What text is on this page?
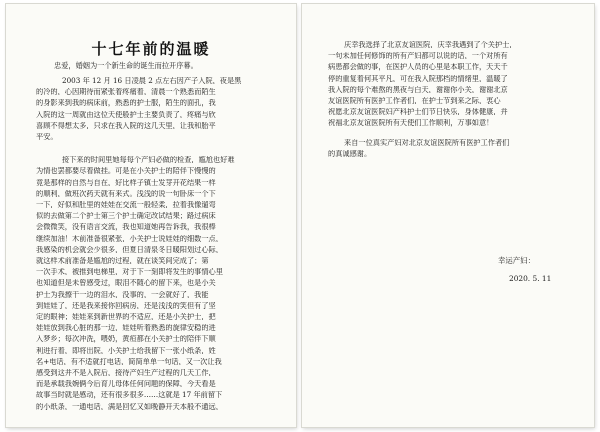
十七年前的温暖
忠爱，婚姻为一个新生命的诞生而拉开序幕。
2003 年 12 月 16 日凌晨 2 点左右因产子入院，夜是黑
的冷的，心因期待而紧张着疼痛着，清晨一个熟悉而陌生
的身影来到我的病床前，熟悉的护士服，陌生的面孔，我
入院的这一周就由这位天使般护士主要负责了，疼痛与欣
喜顾不得想太多，只求在我入院的这几天里，让我和胎平
平安。
接下来的时间里她每每个产妇必做的检查，尴尬也好难
为情也罢都要尽着做挂。可是在小关护士的陪伴下慢慢的
竟是那样的自然与自在，好比样子镇士发芽开花结果一样
的顺利，做班次药天就有来式。浅浅的说一句卧床一个下
一下，好似和肚里的娃娃在交流一般轻柔，拉着我像遛弯
似的去做第二个护士第三个护士确定改试结果；路过病床
会微微笑，没有语言交流，我也知道她再告诉我，我很棒
继续加油！木前准备很紧张，小关护士说娃娃的细数一点，
我感染的机会就会少很多，但夏日清泉冬日暖阳划过心际，
就这样术前准备是尴尬的过程，就在谈笑间完成了；第
一次手术，被推到电梯里，对于下一刻即将发生的事情心里
也知道但是未曾感受过，眼泪不随心的留下来，也是小关
护士为我擦干一边的泪水，没事的，一会就好了，我能
到娃娃了，还是我来接你回病房，还是浅浅的笑但有了坚
定的眼神；娃娃来到新世界的不适应，还是小关护士，把
娃娃放到我心脏的那一边，娃娃听着熟悉的旋律安稳的进
入梦乡；每次冲洗，喂奶，黄疸都在小关护士的陪伴下顺
利进行着，即将出院，小关护士给我留下一张小纸条，姓
名+电话，有不适就打电话，简简单单一句话，又一次让我
感受到这并不是入院后，接待产妇生产过程的几天工作，
而是承载我婉俩今后育儿母体任何问题的保障，今天看是
故事当时就是感动，还有很多很多……这就是 17 年前留下
的小纸条，一通电话，满是回忆又如晚静开天本般不通远，
庆幸我选择了北京友谊医院，庆幸我遇到了个关护士，
一句未加任何修饰的所有产妇都可以说的话，一个对所有
病患都会做的事，在医护人员的心里是本职工作，天天千
停的重复着何其平凡，可在我入院那档的情绪里，温暖了
我入院的每个难熬的黑夜与白天，谢谢你小关，谢谢北京
友谊医院所有医护工作者们，在护士节到来之际，衷心
祝愿北京友谊医院妇产科护士们节日快乐，身体健康，并
祝福北京友谊医院所有天使们工作顺利，万事如意！
来自一位真实产妇对北京友谊医院所有医护工作者们
的真诚感谢。
幸运产妇：
2020. 5. 11
